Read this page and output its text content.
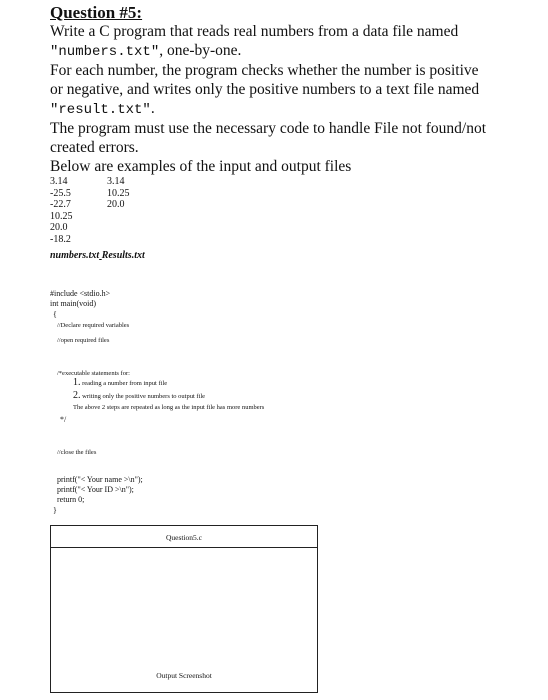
Question #5:
Write a C program that reads real numbers from a data file named
"numbers.txt", one-by-one.
For each number, the program checks whether the number is positive
or negative, and writes only the positive numbers to a text file named
"result.txt".
The program must use the necessary code to handle File not found/not
created errors.
Below are examples of the input and output files
3.14
-25.5
-22.7
10.25
20.0
-18.2
3.14
10.25
20.0
numbers.txt Results.txt
#include <stdio.h>
int main(void)
{
//Declare required variables
//open required files
/*executable statements for:
1. reading a number from input file
2. writing only the positive numbers to output file
The above 2 steps are repeated as long as the input file has more numbers
*/
//close the files
printf("< Your name >\n");
printf("< Your ID >\n");
return 0;
}
Question5.c
Output Screenshot
